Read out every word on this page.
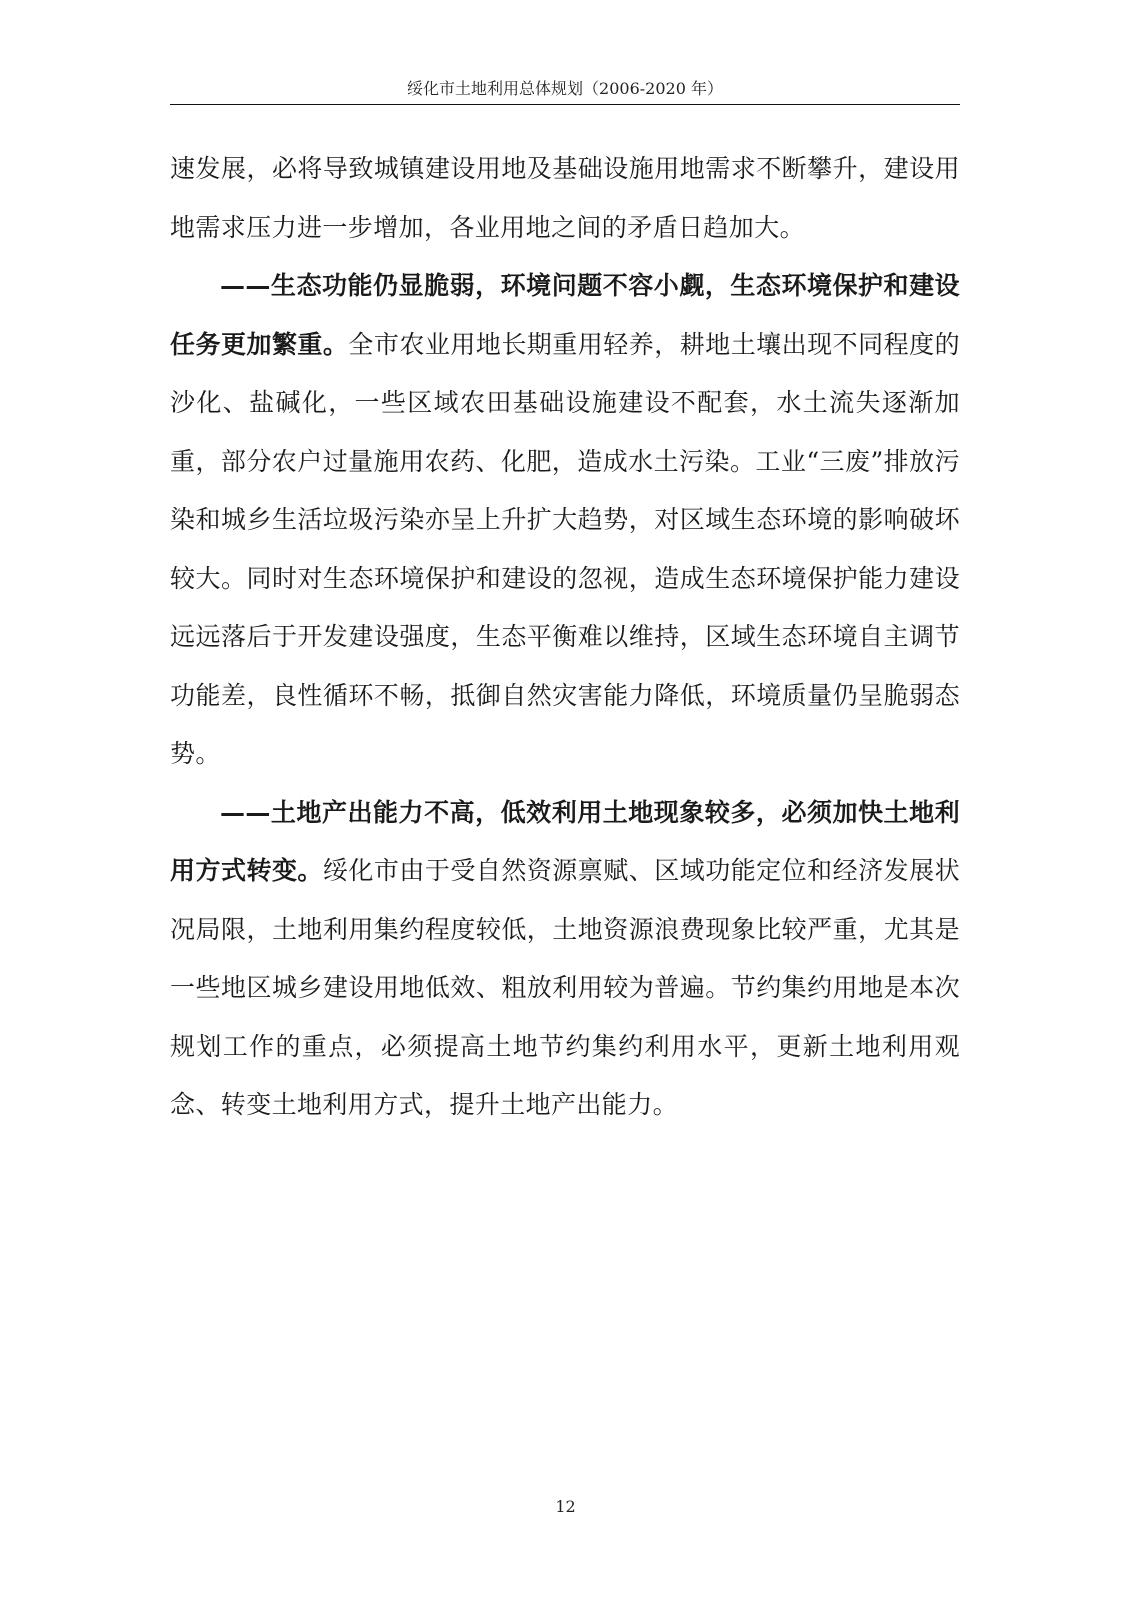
绥化市土地利用总体规划（2006-2020 年）

速发展，必将导致城镇建设用地及基础设施用地需求不断攀升，建设用地需求压力进一步增加，各业用地之间的矛盾日趋加大。

——生态功能仍显脆弱，环境问题不容小觑，生态环境保护和建设任务更加繁重。全市农业用地长期重用轻养，耕地土壤出现不同程度的沙化、盐碱化，一些区域农田基础设施建设不配套，水土流失逐渐加重，部分农户过量施用农药、化肥，造成水土污染。工业“三废”排放污染和城乡生活垃圾污染亦呈上升扩大趋势，对区域生态环境的影响破坏较大。同时对生态环境保护和建设的忽视，造成生态环境保护能力建设远远落后于开发建设强度，生态平衡难以维持，区域生态环境自主调节功能差，良性循环不畅，抵御自然灾害能力降低，环境质量仍呈脆弱态势。

——土地产出能力不高，低效利用土地现象较多，必须加快土地利用方式转变。绥化市由于受自然资源禀赋、区域功能定位和经济发展状况局限，土地利用集约程度较低，土地资源浪费现象比较严重，尤其是一些地区城乡建设用地低效、粗放利用较为普遍。节约集约用地是本次规划工作的重点，必须提高土地节约集约利用水平，更新土地利用观念、转变土地利用方式，提升土地产出能力。

12
